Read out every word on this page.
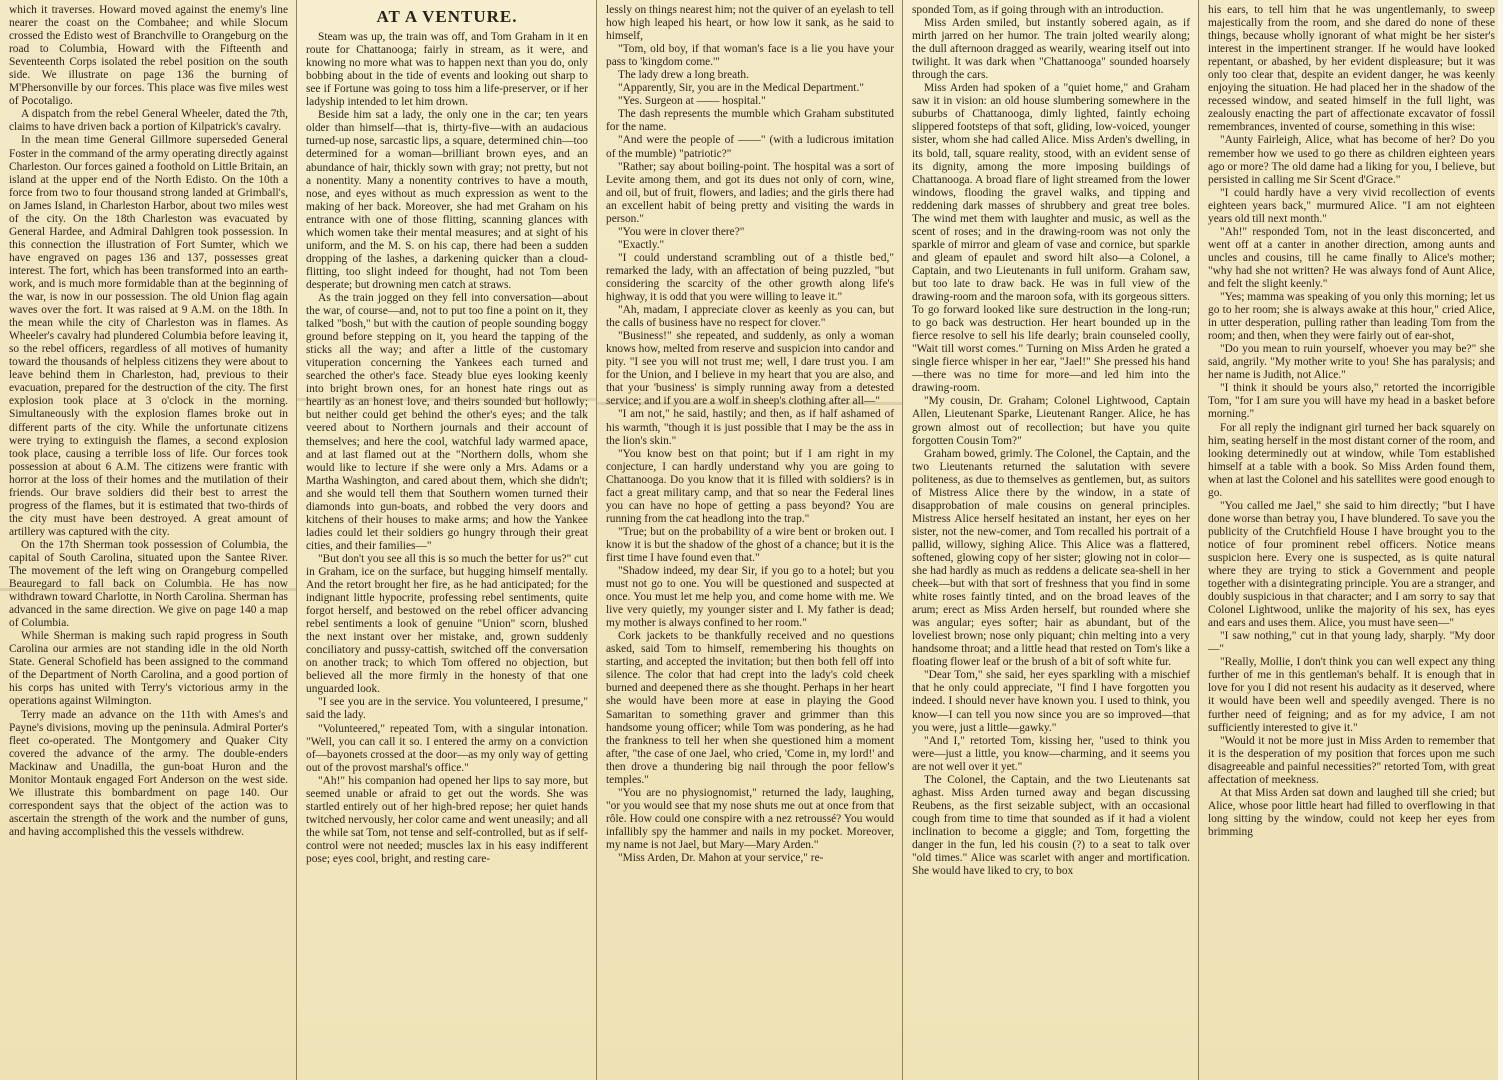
which it traverses. Howard moved against the enemy's line nearer the coast on the Combahee; and while Slocum crossed the Edisto west of Branchville to Orangeburg on the road to Columbia, Howard with the Fifteenth and Seventeenth Corps isolated the rebel position on the south side. We illustrate on page 136 the burning of M'Phersonville by our forces. This place was five miles west of Pocotaligo.

A dispatch from the rebel General Wheeler, dated the 7th, claims to have driven back a portion of Kilpatrick's cavalry.

In the mean time General Gillmore superseded General Foster in the command of the army operating directly against Charleston. Our forces gained a foothold on Little Britain, an island at the upper end of the North Edisto. On the 10th a force from two to four thousand strong landed at Grimball's, on James Island, in Charleston Harbor, about two miles west of the city. On the 18th Charleston was evacuated by General Hardee, and Admiral Dahlgren took possession. In this connection the illustration of Fort Sumter, which we have engraved on pages 136 and 137, possesses great interest. The fort, which has been transformed into an earth-work, and is much more formidable than at the beginning of the war, is now in our possession. The old Union flag again waves over the fort. It was raised at 9 A.M. on the 18th. In the mean while the city of Charleston was in flames. As Wheeler's cavalry had plundered Columbia before leaving it, so the rebel officers, regardless of all motives of humanity toward the thousands of helpless citizens they were about to leave behind them in Charleston, had, previous to their evacuation, prepared for the destruction of the city. The first explosion took place at 3 o'clock in the morning. Simultaneously with the explosion flames broke out in different parts of the city. While the unfortunate citizens were trying to extinguish the flames, a second explosion took place, causing a terrible loss of life. Our forces took possession at about 6 A.M. The citizens were frantic with horror at the loss of their homes and the mutilation of their friends. Our brave soldiers did their best to arrest the progress of the flames, but it is estimated that two-thirds of the city must have been destroyed. A great amount of artillery was captured with the city.

On the 17th Sherman took possession of Columbia, the capital of South Carolina, situated upon the Santee River. The movement of the left wing on Orangeburg compelled Beauregard to fall back on Columbia. He has now withdrawn toward Charlotte, in North Carolina. Sherman has advanced in the same direction. We give on page 140 a map of Columbia.

While Sherman is making such rapid progress in South Carolina our armies are not standing idle in the old North State. General Schofield has been assigned to the command of the Department of North Carolina, and a good portion of his corps has united with Terry's victorious army in the operations against Wilmington.

Terry made an advance on the 11th with Ames's and Payne's divisions, moving up the peninsula. Admiral Porter's fleet co-operated. The Montgomery and Quaker City covered the advance of the army. The double-enders Mackinaw and Unadilla, the gun-boat Huron and the Monitor Montauk engaged Fort Anderson on the west side. We illustrate this bombardment on page 140. Our correspondent says that the object of the action was to ascertain the strength of the work and the number of guns, and having accomplished this the vessels withdrew.

AT A VENTURE.

Steam was up, the train was off, and Tom Graham in it en route for Chattanooga; fairly in stream, as it were, and knowing no more what was to happen next than you do, only bobbing about in the tide of events and looking out sharp to see if Fortune was going to toss him a life-preserver, or if her ladyship intended to let him drown.

Beside him sat a lady, the only one in the car; ten years older than himself—that is, thirty-five—with an audacious turned-up nose, sarcastic lips, a square, determined chin—too determined for a woman—brilliant brown eyes, and an abundance of hair, thickly sown with gray; not pretty, but not a nonentity. Many a nonentity contrives to have a mouth, nose, and eyes without as much expression as went to the making of her back. Moreover, she had met Graham on his entrance with one of those flitting, scanning glances with which women take their mental measures; and at sight of his uniform, and the M. S. on his cap, there had been a sudden dropping of the lashes, a darkening quicker than a cloud-flitting, too slight indeed for thought, had not Tom been desperate; but drowning men catch at straws.

As the train jogged on they fell into conversation—about the war, of course—and, not to put too fine a point on it, they talked "bosh," but with the caution of people sounding boggy ground before stepping on it, you heard the tapping of the sticks all the way; and after a little of the customary vituperation concerning the Yankees each turned and searched the other's face. Steady blue eyes looking keenly into bright brown ones, for an honest hate rings out as heartily as an honest love, and theirs sounded but hollowly; but neither could get behind the other's eyes; and the talk veered about to Northern journals and their account of themselves; and here the cool, watchful lady warmed apace, and at last flamed out at the "Northern dolls, whom she would like to lecture if she were only a Mrs. Adams or a Martha Washington, and cared about them, which she didn't; and she would tell them that Southern women turned their diamonds into gun-boats, and robbed the very doors and kitchens of their houses to make arms; and how the Yankee ladies could let their soldiers go hungry through their great cities, and their families—"

"But don't you see all this is so much the better for us?" cut in Graham, ice on the surface, but hugging himself mentally. And the retort brought her fire, as he had anticipated; for the indignant little hypocrite, professing rebel sentiments, quite forgot herself, and bestowed on the rebel officer advancing rebel sentiments a look of genuine "Union" scorn, blushed the next instant over her mistake, and, grown suddenly conciliatory and pussy-cattish, switched off the conversation on another track; to which Tom offered no objection, but believed all the more firmly in the honesty of that one unguarded look.

"I see you are in the service. You volunteered, I presume," said the lady.

"Volunteered," repeated Tom, with a singular intonation. "Well, you can call it so. I entered the army on a conviction of—bayonets crossed at the door—as my only way of getting out of the provost marshal's office."

"Ah!" his companion had opened her lips to say more, but seemed unable or afraid to get out the words. She was startled entirely out of her high-bred repose; her quiet hands twitched nervously, her color came and went uneasily; and all the while sat Tom, not tense and self-controlled, but as if self-control were not needed; muscles lax in his easy indifferent pose; eyes cool, bright, and resting care-

lessly on things nearest him; not the quiver of an eyelash to tell how high leaped his heart, or how low it sank, as he said to himself,

"Tom, old boy, if that woman's face is a lie you have your pass to 'kingdom come.'"

The lady drew a long breath.

"Apparently, Sir, you are in the Medical Department."

"Yes. Surgeon at —— hospital."

The dash represents the mumble which Graham substituted for the name.

"And were the people of ——" (with a ludicrous imitation of the mumble) "patriotic?"

"Rather; say about boiling-point. The hospital was a sort of Levite among them, and got its dues not only of corn, wine, and oil, but of fruit, flowers, and ladies; and the girls there had an excellent habit of being pretty and visiting the wards in person."

"You were in clover there?"

"Exactly."

"I could understand scrambling out of a thistle bed," remarked the lady, with an affectation of being puzzled, "but considering the scarcity of the other growth along life's highway, it is odd that you were willing to leave it."

"Ah, madam, I appreciate clover as keenly as you can, but the calls of business have no respect for clover."

"Business!" she repeated, and suddenly, as only a woman knows how, melted from reserve and suspicion into candor and pity. "I see you will not trust me; well, I dare trust you. I am for the Union, and I believe in my heart that you are also, and that your 'business' is simply running away from a detested service; and if you are a wolf in sheep's clothing after all—"

"I am not," he said, hastily; and then, as if half ashamed of his warmth, "though it is just possible that I may be the ass in the lion's skin."

"You know best on that point; but if I am right in my conjecture, I can hardly understand why you are going to Chattanooga. Do you know that it is filled with soldiers? is in fact a great military camp, and that so near the Federal lines you can have no hope of getting a pass beyond? You are running from the cat headlong into the trap."

"True; but on the probability of a wire bent or broken out. I know it is but the shadow of the ghost of a chance; but it is the first time I have found even that."

"Shadow indeed, my dear Sir, if you go to a hotel; but you must not go to one. You will be questioned and suspected at once. You must let me help you, and come home with me. We live very quietly, my younger sister and I. My father is dead; my mother is always confined to her room."

Cork jackets to be thankfully received and no questions asked, said Tom to himself, remembering his thoughts on starting, and accepted the invitation; but then both fell off into silence. The color that had crept into the lady's cold cheek burned and deepened there as she thought. Perhaps in her heart she would have been more at ease in playing the Good Samaritan to something graver and grimmer than this handsome young officer; while Tom was pondering, as he had the frankness to tell her when she questioned him a moment after, "the case of one Jael, who cried, 'Come in, my lord!' and then drove a thundering big nail through the poor fellow's temples."

"You are no physiognomist," returned the lady, laughing, "or you would see that my nose shuts me out at once from that rôle. How could one conspire with a nez retroussé? You would infallibly spy the hammer and nails in my pocket. Moreover, my name is not Jael, but Mary—Mary Arden."

"Miss Arden, Dr. Mahon at your service," re-

sponded Tom, as if going through with an introduction.

Miss Arden smiled, but instantly sobered again, as if mirth jarred on her humor. The train jolted wearily along; the dull afternoon dragged as wearily, wearing itself out into twilight. It was dark when "Chattanooga" sounded hoarsely through the cars.

Miss Arden had spoken of a "quiet home," and Graham saw it in vision: an old house slumbering somewhere in the suburbs of Chattanooga, dimly lighted, faintly echoing slippered footsteps of that soft, gliding, low-voiced, younger sister, whom she had called Alice. Miss Arden's dwelling, in its bold, tall, square reality, stood, with an evident sense of its dignity, among the more imposing buildings of Chattanooga. A broad flare of light streamed from the lower windows, flooding the gravel walks, and tipping and reddening dark masses of shrubbery and great tree boles. The wind met them with laughter and music, as well as the scent of roses; and in the drawing-room was not only the sparkle of mirror and gleam of vase and cornice, but sparkle and gleam of epaulet and sword hilt also—a Colonel, a Captain, and two Lieutenants in full uniform. Graham saw, but too late to draw back. He was in full view of the drawing-room and the maroon sofa, with its gorgeous sitters. To go forward looked like sure destruction in the long-run; to go back was destruction. Her heart bounded up in the fierce resolve to sell his life dearly; brain counseled coolly, "Wait till worst comes." Turning on Miss Arden he grated a single fierce whisper in her ear, "Jael!" She pressed his hand—there was no time for more—and led him into the drawing-room.

"My cousin, Dr. Graham; Colonel Lightwood, Captain Allen, Lieutenant Sparke, Lieutenant Ranger. Alice, he has grown almost out of recollection; but have you quite forgotten Cousin Tom?"

Graham bowed, grimly. The Colonel, the Captain, and the two Lieutenants returned the salutation with severe politeness, as due to themselves as gentlemen, but, as suitors of Mistress Alice there by the window, in a state of disapprobation of male cousins on general principles. Mistress Alice herself hesitated an instant, her eyes on her sister, not the new-comer, and Tom recalled his portrait of a pallid, willowy, sighing Alice. This Alice was a flattered, softened, glowing copy of her sister; glowing not in color—she had hardly as much as reddens a delicate sea-shell in her cheek—but with that sort of freshness that you find in some white roses faintly tinted, and on the broad leaves of the arum; erect as Miss Arden herself, but rounded where she was angular; eyes softer; hair as abundant, but of the loveliest brown; nose only piquant; chin melting into a very handsome throat; and a little head that rested on Tom's like a floating flower leaf or the brush of a bit of soft white fur.

"Dear Tom," she said, her eyes sparkling with a mischief that he only could appreciate, "I find I have forgotten you indeed. I should never have known you. I used to think, you know—I can tell you now since you are so improved—that you were, just a little—gawky."

"And I," retorted Tom, kissing her, "used to think you were—just a little, you know—charming, and it seems you are not well over it yet."

The Colonel, the Captain, and the two Lieutenants sat aghast. Miss Arden turned away and began discussing Reubens, as the first seizable subject, with an occasional cough from time to time that sounded as if it had a violent inclination to become a giggle; and Tom, forgetting the danger in the fun, led his cousin (?) to a seat to talk over "old times." Alice was scarlet with anger and mortification. She would have liked to cry, to box

his ears, to tell him that he was ungentlemanly, to sweep majestically from the room, and she dared do none of these things, because wholly ignorant of what might be her sister's interest in the impertinent stranger. If he would have looked repentant, or abashed, by her evident displeasure; but it was only too clear that, despite an evident danger, he was keenly enjoying the situation. He had placed her in the shadow of the recessed window, and seated himself in the full light, was zealously enacting the part of affectionate excavator of fossil remembrances, invented of course, something in this wise:

"Aunty Fairleigh, Alice, what has become of her? Do you remember how we used to go there as children eighteen years ago or more? The old dame had a liking for you, I believe, but persisted in calling me Sir Scent d'Grace."

"I could hardly have a very vivid recollection of events eighteen years back," murmured Alice. "I am not eighteen years old till next month."

"Ah!" responded Tom, not in the least disconcerted, and went off at a canter in another direction, among aunts and uncles and cousins, till he came finally to Alice's mother; "why had she not written? He was always fond of Aunt Alice, and felt the slight keenly."

"Yes; mamma was speaking of you only this morning; let us go to her room; she is always awake at this hour," cried Alice, in utter desperation, pulling rather than leading Tom from the room; and then, when they were fairly out of ear-shot,

"Do you mean to ruin yourself, whoever you may be?" she said, angrily. "My mother write to you! She has paralysis; and her name is Judith, not Alice."

"I think it should be yours also," retorted the incorrigible Tom, "for I am sure you will have my head in a basket before morning."

For all reply the indignant girl turned her back squarely on him, seating herself in the most distant corner of the room, and looking determinedly out at window, while Tom established himself at a table with a book. So Miss Arden found them, when at last the Colonel and his satellites were good enough to go.

"You called me Jael," she said to him directly; "but I have done worse than betray you, I have blundered. To save you the publicity of the Crutchfield House I have brought you to the notice of four prominent rebel officers. Notice means suspicion here. Every one is suspected, as is quite natural where they are trying to stick a Government and people together with a disintegrating principle. You are a stranger, and doubly suspicious in that character; and I am sorry to say that Colonel Lightwood, unlike the majority of his sex, has eyes and ears and uses them. Alice, you must have seen—"

"I saw nothing," cut in that young lady, sharply. "My door—"

"Really, Mollie, I don't think you can well expect any thing further of me in this gentleman's behalf. It is enough that in love for you I did not resent his audacity as it deserved, where it would have been well and speedily avenged. There is no further need of feigning; and as for my advice, I am not sufficiently interested to give it."

"Would it not be more just in Miss Arden to remember that it is the desperation of my position that forces upon me such disagreeable and painful necessities?" retorted Tom, with great affectation of meekness.

At that Miss Arden sat down and laughed till she cried; but Alice, whose poor little heart had filled to overflowing in that long sitting by the window, could not keep her eyes from brimming
